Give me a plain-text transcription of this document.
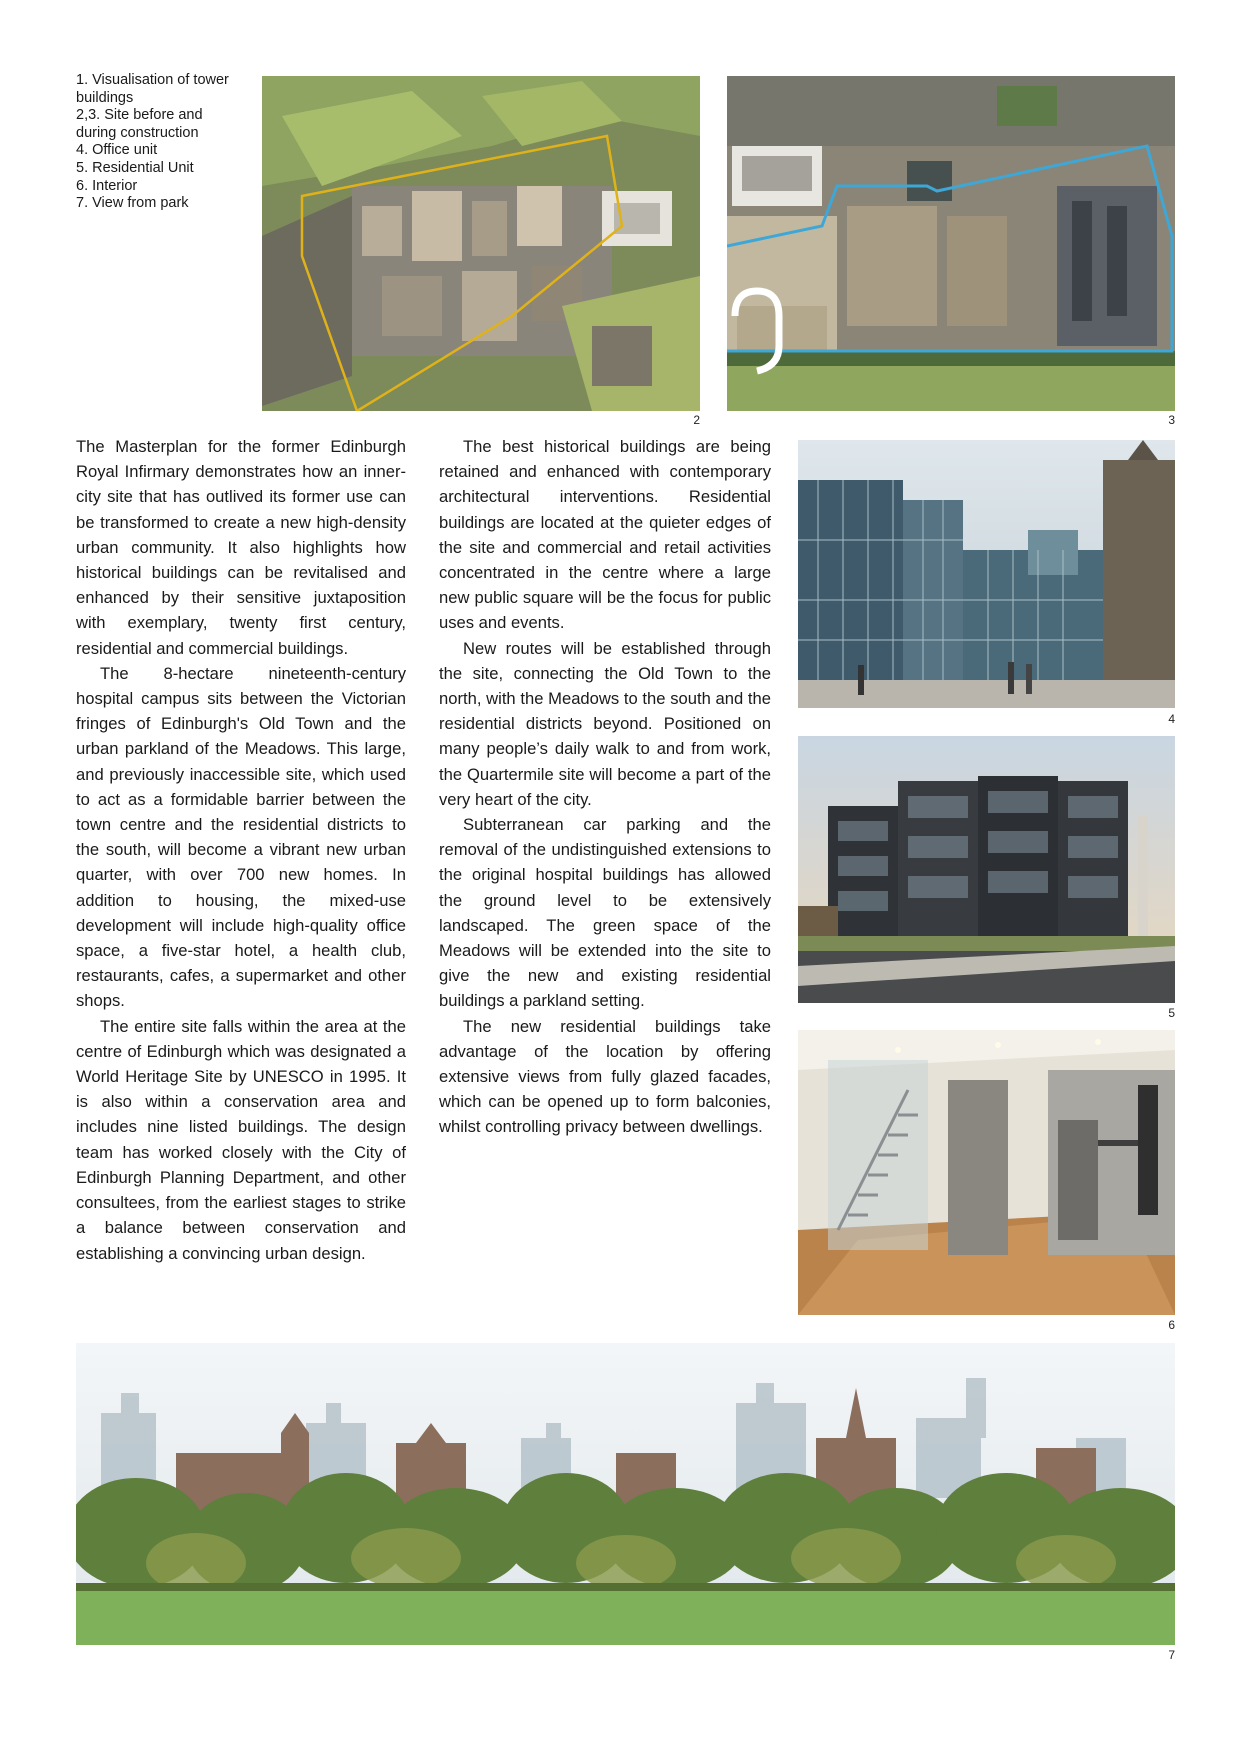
1. Visualisation of tower buildings
2,3. Site before and during construction
4. Office unit
5. Residential Unit
6. Interior
7. View from park
2	3
4
5
6

The Masterplan for the former Edinburgh Royal Infirmary demonstrates how an inner-city site that has outlived its former use can be transformed to create a new high-density urban community. It also highlights how historical buildings can be revitalised and enhanced by their sensitive juxtaposition with exemplary, twenty first century, residential and commercial buildings.

The 8-hectare nineteenth-century hospital campus sits between the Victorian fringes of Edinburgh's Old Town and the urban parkland of the Meadows. This large, and previously inaccessible site, which used to act as a formidable barrier between the town centre and the residential districts to the south, will become a vibrant new urban quarter, with over 700 new homes. In addition to housing, the mixed-use development will include high-quality office space, a five-star hotel, a health club, restaurants, cafes, a supermarket and other shops.

The entire site falls within the area at the centre of Edinburgh which was designated a World Heritage Site by UNESCO in 1995. It is also within a conservation area and includes nine listed buildings. The design team has worked closely with the City of Edinburgh Planning Department, and other consultees, from the earliest stages to strike a balance between conservation and establishing a convincing urban design.

The best historical buildings are being retained and enhanced with contemporary architectural interventions. Residential buildings are located at the quieter edges of the site and commercial and retail activities concentrated in the centre where a large new public square will be the focus for public uses and events.

New routes will be established through the site, connecting the Old Town to the north, with the Meadows to the south and the residential districts beyond. Positioned on many people’s daily walk to and from work, the Quartermile site will become a part of the very heart of the city.

Subterranean car parking and the removal of the undistinguished extensions to the original hospital buildings has allowed the ground level to be extensively landscaped. The green space of the Meadows will be extended into the site to give the new and existing residential buildings a parkland setting.

The new residential buildings take advantage of the location by offering extensive views from fully glazed facades, which can be opened up to form balconies, whilst controlling privacy between dwellings.

7
